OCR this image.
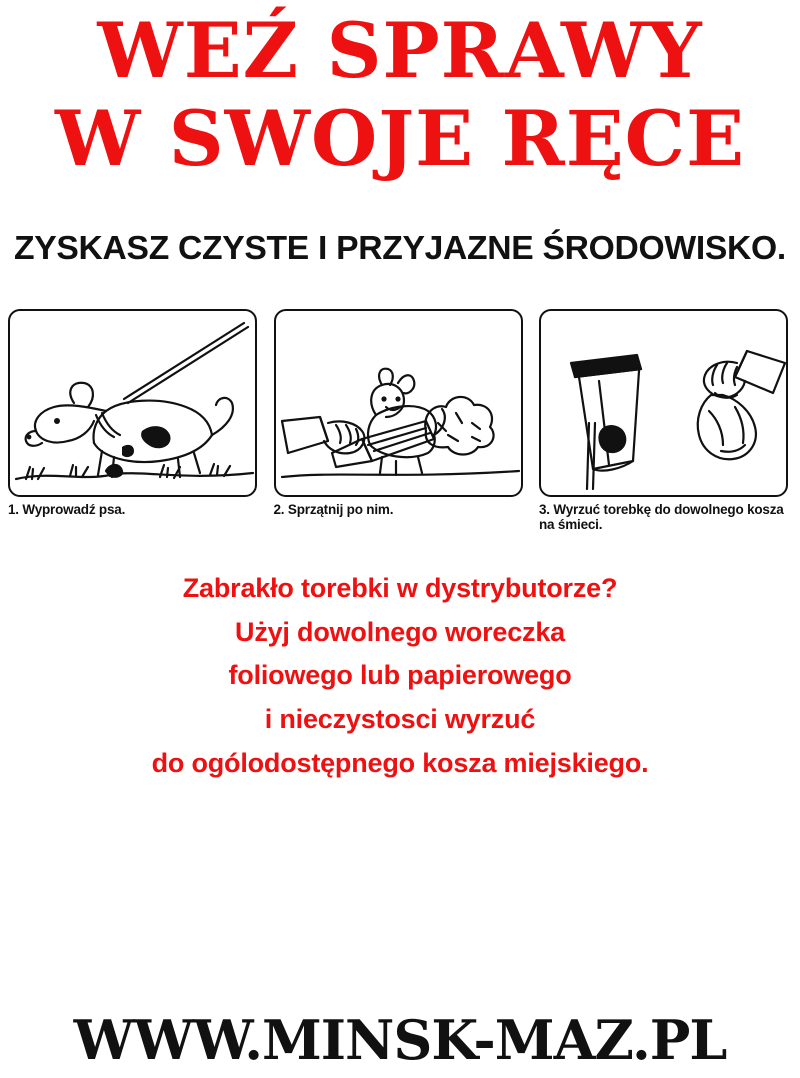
WEŹ SPRAWY
W SWOJE RĘCE
ZYSKASZ CZYSTE I PRZYJAZNE ŚRODOWISKO.
1. Wyprowadź psa.	2. Sprzątnij po nim.	3. Wyrzuć torebkę do dowolnego kosza na śmieci.
Zabrakło torebki w dystrybutorze?
Użyj dowolnego woreczka
foliowego lub papierowego
i nieczystosci wyrzuć
do ogólodostępnego kosza miejskiego.
WWW.MINSK-MAZ.PL
